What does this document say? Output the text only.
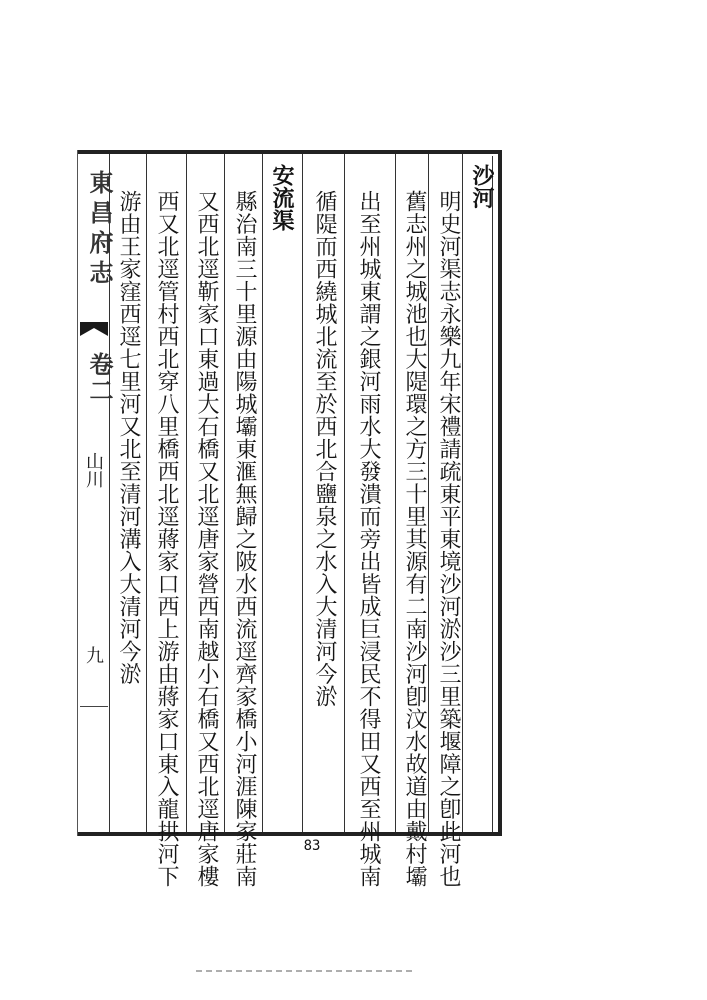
沙河
明史河渠志永樂九年宋禮請疏東平東境沙河淤沙三里築堰障之卽此河也
舊志州之城池也大隄環之方三十里其源有二南沙河卽汶水故道由戴村壩
出至州城東謂之銀河雨水大發潰而旁出皆成巨浸民不得田又西至州城南
循隄而西繞城北流至於西北合鹽泉之水入大清河今淤
安流渠
縣治南三十里源由陽城壩東滙無歸之陂水西流逕齊家橋小河涯陳家莊南
又西北逕靳家口東過大石橋又北逕唐家營西南越小石橋又西北逕唐家樓
西又北逕管村西北穿八里橋西北逕蔣家口西上游由蔣家口東入龍拱河下
游由王家窪西逕七里河又北至清河溝入大清河今淤
東昌府志
卷二
山川
九
83
